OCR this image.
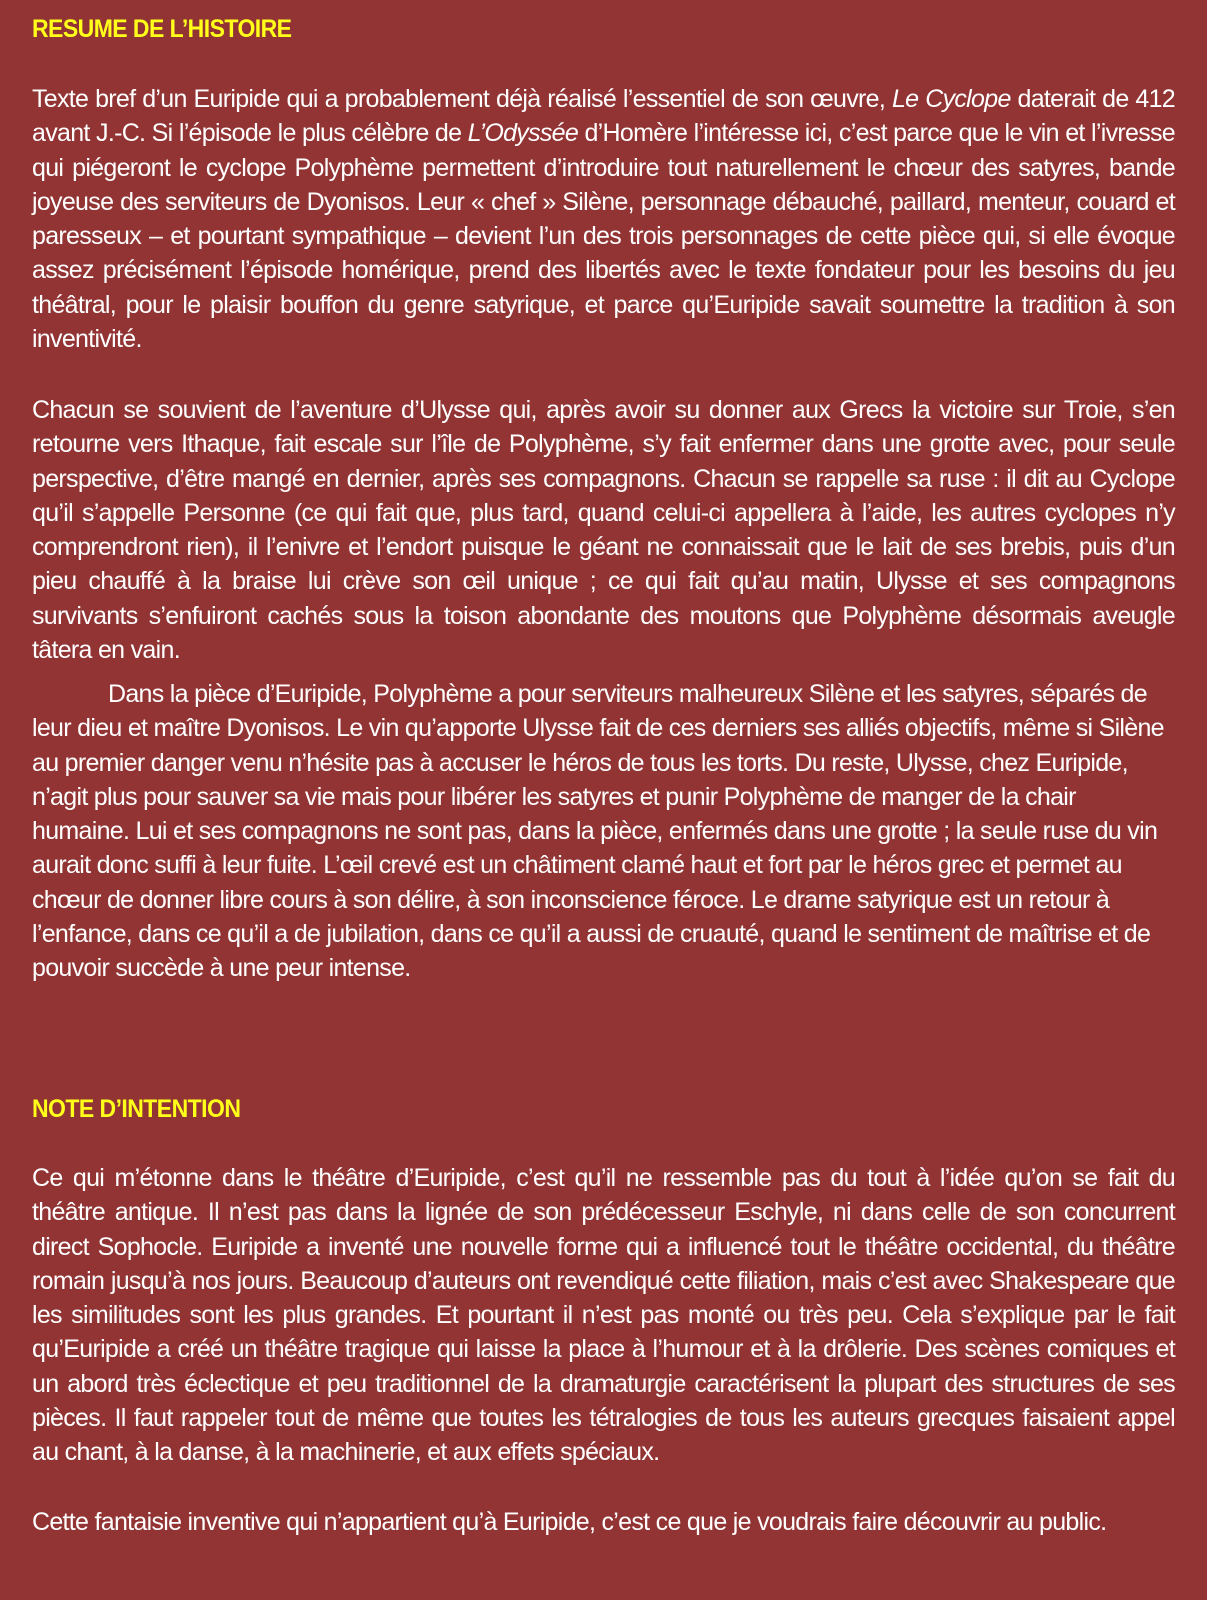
RESUME DE L’HISTOIRE

Texte bref d’un Euripide qui a probablement déjà réalisé l’essentiel de son œuvre, Le Cyclope daterait de 412 avant J.-C. Si l’épisode le plus célèbre de L’Odyssée d’Homère l’intéresse ici, c’est parce que le vin et l’ivresse qui piégeront le cyclope Polyphème permettent d’introduire tout naturellement le chœur des satyres, bande joyeuse des serviteurs de Dyonisos. Leur « chef » Silène, personnage débauché, paillard, menteur, couard et paresseux – et pourtant sympathique – devient l’un des trois personnages de cette pièce qui, si elle évoque assez précisément l’épisode homérique, prend des libertés avec le texte fondateur pour les besoins du jeu théâtral, pour le plaisir bouffon du genre satyrique, et parce qu’Euripide savait soumettre la tradition à son inventivité.

Chacun se souvient de l’aventure d’Ulysse qui, après avoir su donner aux Grecs la victoire sur Troie, s’en retourne vers Ithaque, fait escale sur l’île de Polyphème, s’y fait enfermer dans une grotte avec, pour seule perspective, d’être mangé en dernier, après ses compagnons. Chacun se rappelle sa ruse : il dit au Cyclope qu’il s’appelle Personne (ce qui fait que, plus tard, quand celui-ci appellera à l’aide, les autres cyclopes n’y comprendront rien), il l’enivre et l’endort puisque le géant ne connaissait que le lait de ses brebis, puis d’un pieu chauffé à la braise lui crève son œil unique ; ce qui fait qu’au matin, Ulysse et ses compagnons survivants s’enfuiront cachés sous la toison abondante des moutons que Polyphème désormais aveugle tâtera en vain.

Dans la pièce d’Euripide, Polyphème a pour serviteurs malheureux Silène et les satyres, séparés de leur dieu et maître Dyonisos. Le vin qu’apporte Ulysse fait de ces derniers ses alliés objectifs, même si Silène au premier danger venu n’hésite pas à accuser le héros de tous les torts. Du reste, Ulysse, chez Euripide, n’agit plus pour sauver sa vie mais pour libérer les satyres et punir Polyphème de manger de la chair humaine. Lui et ses compagnons ne sont pas, dans la pièce, enfermés dans une grotte ; la seule ruse du vin aurait donc suffi à leur fuite. L’œil crevé est un châtiment clamé haut et fort par le héros grec et permet au chœur de donner libre cours à son délire, à son inconscience féroce. Le drame satyrique est un retour à l’enfance, dans ce qu’il a de jubilation, dans ce qu’il a aussi de cruauté, quand le sentiment de maîtrise et de pouvoir succède à une peur intense.

NOTE D’INTENTION

Ce qui m’étonne dans le théâtre d’Euripide, c’est qu’il ne ressemble pas du tout à l’idée qu’on se fait du théâtre antique. Il n’est pas dans la lignée de son prédécesseur Eschyle, ni dans celle de son concurrent direct Sophocle. Euripide a inventé une nouvelle forme qui a influencé tout le théâtre occidental, du théâtre romain jusqu’à nos jours. Beaucoup d’auteurs ont revendiqué cette filiation, mais c’est avec Shakespeare que les similitudes sont les plus grandes. Et pourtant il n’est pas monté ou très peu. Cela s’explique par le fait qu’Euripide a créé un théâtre tragique qui laisse la place à l’humour et à la drôlerie. Des scènes comiques et un abord très éclectique et peu traditionnel de la dramaturgie caractérisent la plupart des structures de ses pièces. Il faut rappeler tout de même que toutes les tétralogies de tous les auteurs grecques faisaient appel au chant, à la danse, à la machinerie, et aux effets spéciaux.

Cette fantaisie inventive qui n’appartient qu’à Euripide, c’est ce que je voudrais faire découvrir au public.
